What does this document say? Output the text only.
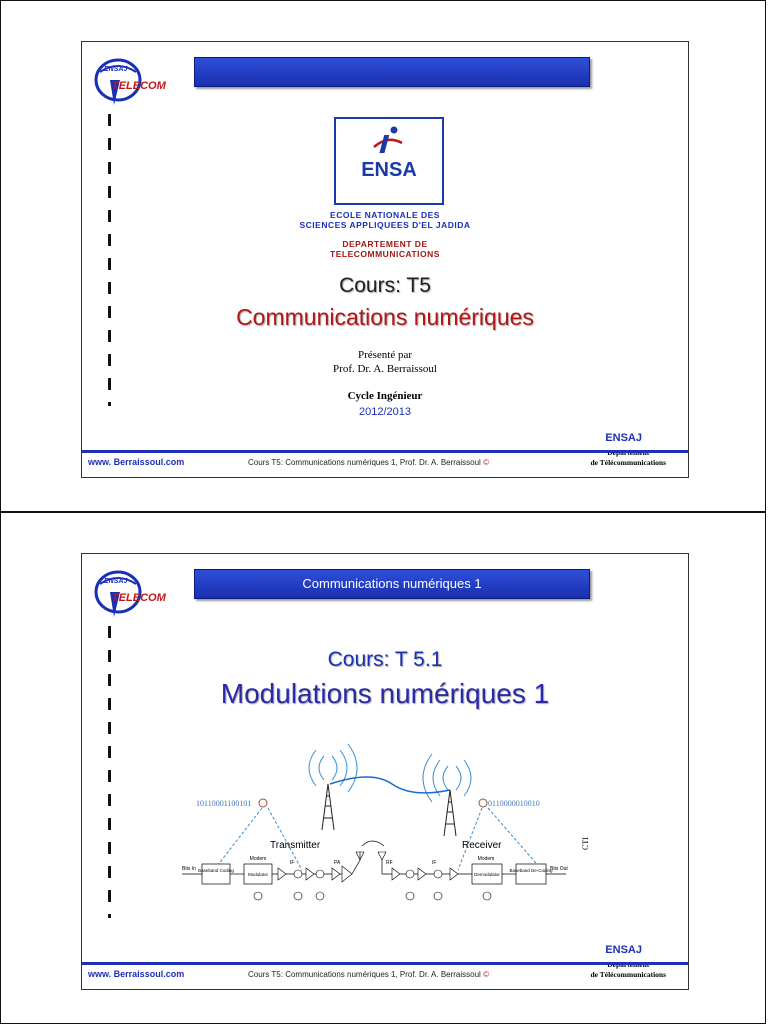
ENSAJ
TELECOM
ENSA
ECOLE NATIONALE DES
SCIENCES APPLIQUEES D'EL JADIDA
DEPARTEMENT DE
TELECOMMUNICATIONS
Cours: T5
Communications numériques
Présenté par
Prof. Dr. A. Berraissoul
Cycle Ingénieur
2012/2013
ENSAJ
de Télécommunications
www. Berraissoul.com	Cours T5: Communications numériques 1, Prof. Dr. A. Berraissoul ©
ENSAJ
TELECOM
Communications numériques 1
Cours: T 5.1
Modulations numériques 1
10110001100101	0110000010010
Transmitter	Receiver	CTI
Bits In Baseband Coding
Modem
Modulator
IF	PA	RF	IF
Modem
Demodulator
Baseband De-Coding
Bits Out
ENSAJ
de Télécommunications
www. Berraissoul.com	Cours T5: Communications numériques 1, Prof. Dr. A. Berraissoul ©
